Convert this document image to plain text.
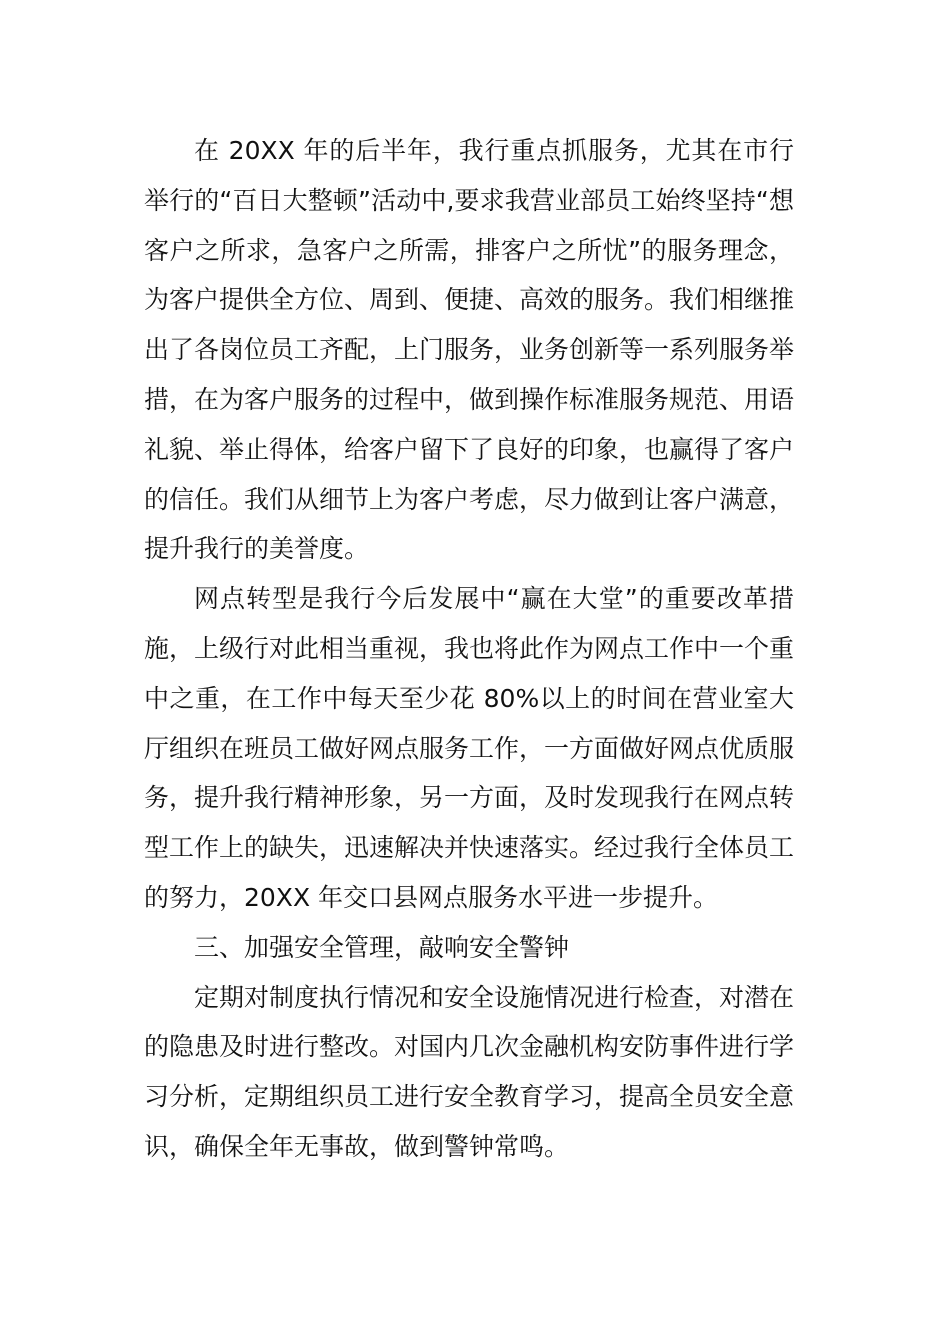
在 20XX 年的后半年，我行重点抓服务，尤其在市行举行的“百日大整顿”活动中,要求我营业部员工始终坚持“想客户之所求，急客户之所需，排客户之所忧”的服务理念，为客户提供全方位、周到、便捷、高效的服务。我们相继推出了各岗位员工齐配，上门服务，业务创新等一系列服务举措，在为客户服务的过程中，做到操作标准服务规范、用语礼貌、举止得体，给客户留下了良好的印象，也赢得了客户的信任。我们从细节上为客户考虑，尽力做到让客户满意，提升我行的美誉度。

网点转型是我行今后发展中“赢在大堂”的重要改革措施，上级行对此相当重视，我也将此作为网点工作中一个重中之重，在工作中每天至少花 80%以上的时间在营业室大厅组织在班员工做好网点服务工作，一方面做好网点优质服务，提升我行精神形象，另一方面，及时发现我行在网点转型工作上的缺失，迅速解决并快速落实。经过我行全体员工的努力，20XX 年交口县网点服务水平进一步提升。

三、加强安全管理，敲响安全警钟

定期对制度执行情况和安全设施情况进行检查，对潜在的隐患及时进行整改。对国内几次金融机构安防事件进行学习分析，定期组织员工进行安全教育学习，提高全员安全意识，确保全年无事故，做到警钟常鸣。
